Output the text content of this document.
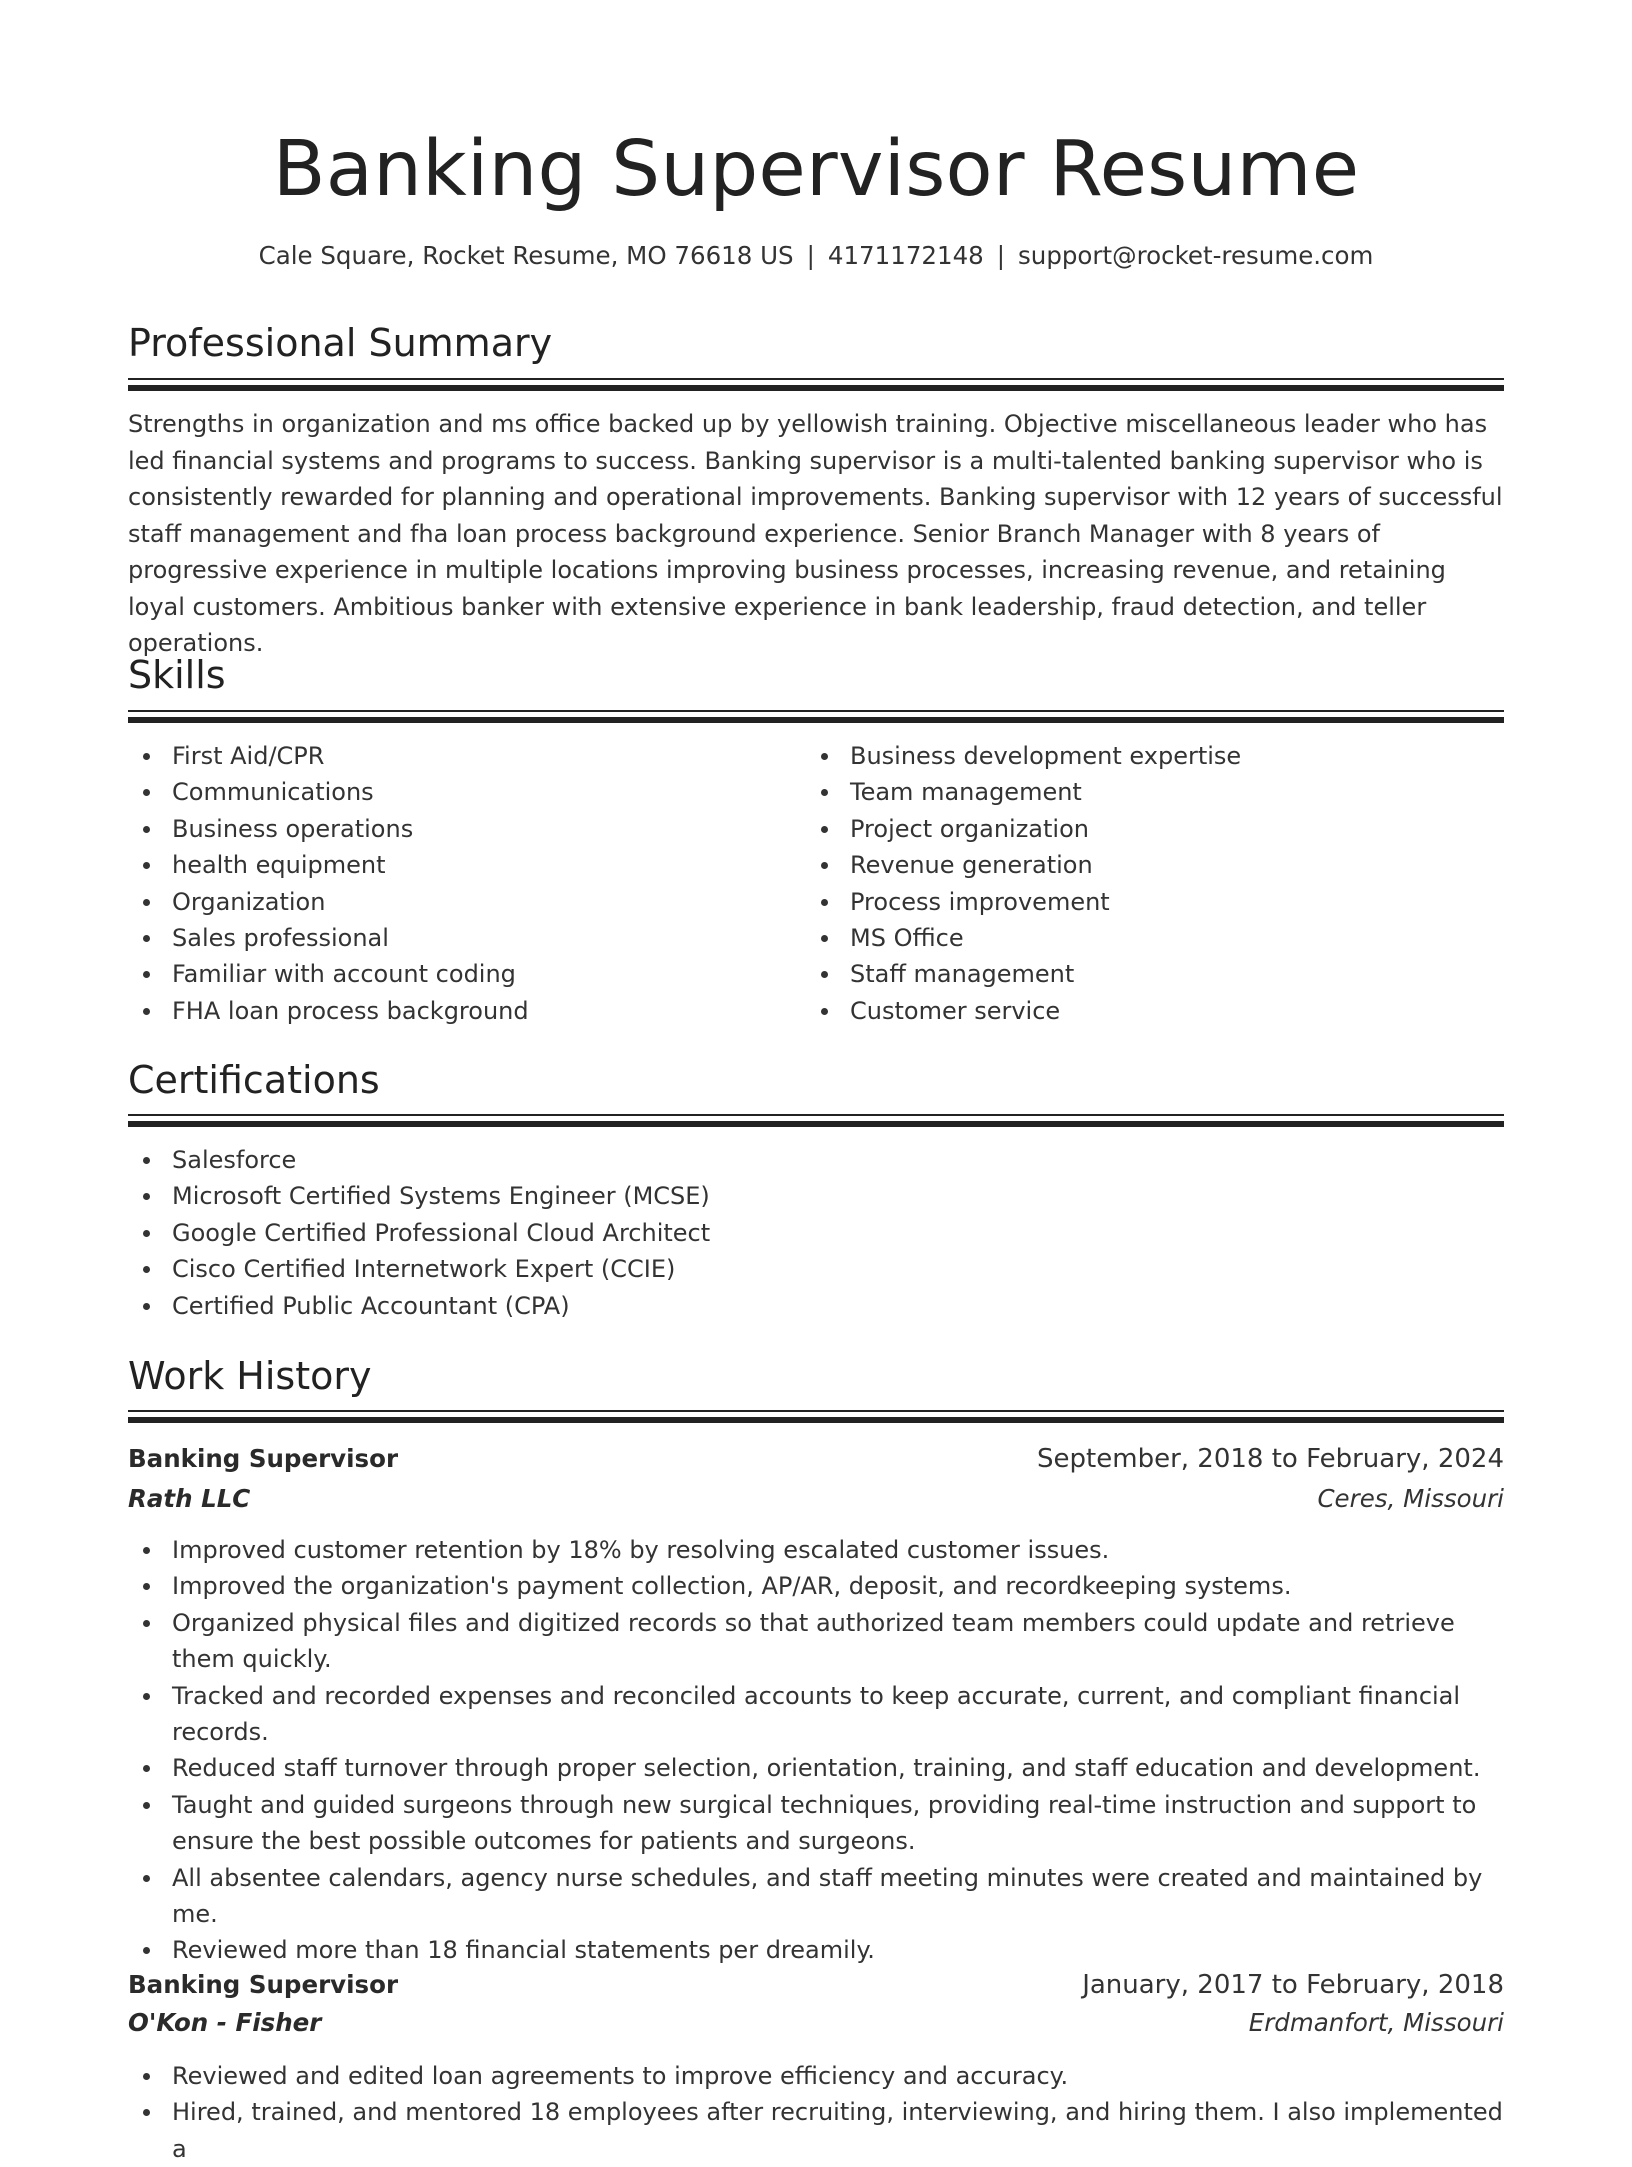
Banking Supervisor Resume
Cale Square, Rocket Resume, MO 76618 US | 4171172148 | support@rocket-resume.com
Professional Summary

Strengths in organization and ms office backed up by yellowish training. Objective miscellaneous leader who has led financial systems and programs to success. Banking supervisor is a multi-talented banking supervisor who is consistently rewarded for planning and operational improvements. Banking supervisor with 12 years of successful staff management and fha loan process background experience. Senior Branch Manager with 8 years of progressive experience in multiple locations improving business processes, increasing revenue, and retaining loyal customers. Ambitious banker with extensive experience in bank leadership, fraud detection, and teller operations.

Skills
First Aid/CPR
Communications
Business operations
health equipment
Organization
Sales professional
Familiar with account coding
FHA loan process background
Business development expertise
Team management
Project organization
Revenue generation
Process improvement
MS Office
Staff management
Customer service
Certifications
Salesforce
Microsoft Certified Systems Engineer (MCSE)
Google Certified Professional Cloud Architect
Cisco Certified Internetwork Expert (CCIE)
Certified Public Accountant (CPA)
Work History
Banking Supervisor	September, 2018 to February, 2024
Rath LLC	Ceres, Missouri
Improved customer retention by 18% by resolving escalated customer issues.
Improved the organization's payment collection, AP/AR, deposit, and recordkeeping systems.
Organized physical files and digitized records so that authorized team members could update and retrieve them quickly.
Tracked and recorded expenses and reconciled accounts to keep accurate, current, and compliant financial records.
Reduced staff turnover through proper selection, orientation, training, and staff education and development.
Taught and guided surgeons through new surgical techniques, providing real-time instruction and support to ensure the best possible outcomes for patients and surgeons.
All absentee calendars, agency nurse schedules, and staff meeting minutes were created and maintained by me.
Reviewed more than 18 financial statements per dreamily.
Banking Supervisor	January, 2017 to February, 2018
O'Kon - Fisher	Erdmanfort, Missouri
Reviewed and edited loan agreements to improve efficiency and accuracy.
Hired, trained, and mentored 18 employees after recruiting, interviewing, and hiring them. I also implemented a
